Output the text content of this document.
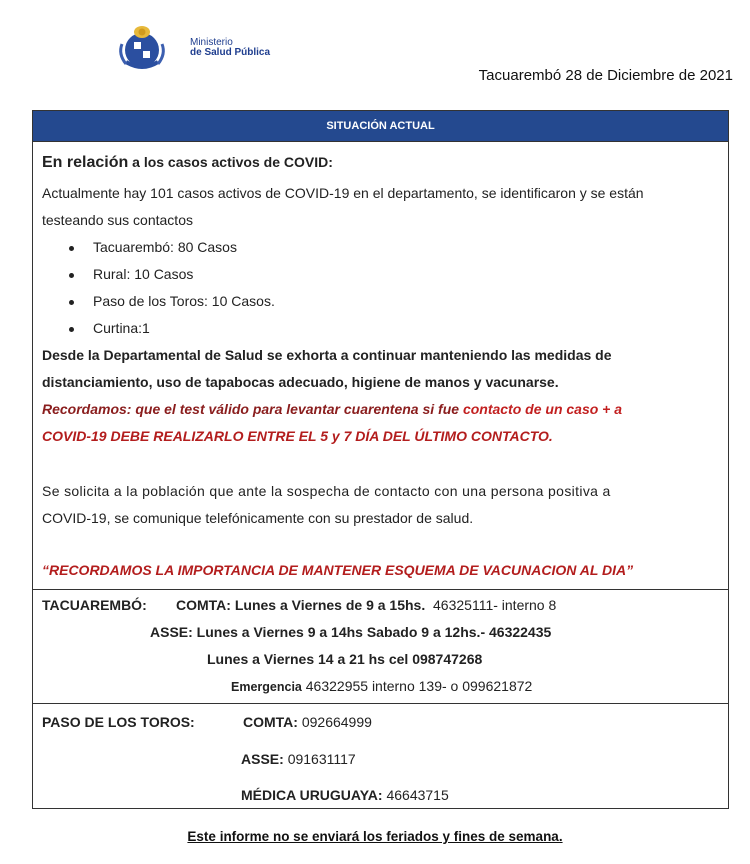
Ministerio
de Salud Pública
Tacuarembó 28 de Diciembre de 2021
SITUACIÓN ACTUAL
En relación a los casos activos de COVID:
Actualmente hay 101 casos activos de COVID-19 en el departamento, se identificaron y se están
testeando sus contactos
Tacuarembó: 80 Casos
Rural: 10 Casos
Paso de los Toros: 10 Casos.
Curtina:1
Desde la Departamental de Salud se exhorta a continuar manteniendo las medidas de
distanciamiento, uso de tapabocas adecuado, higiene de manos y vacunarse.
Recordamos: que el test válido para levantar cuarentena si fue contacto de un caso + a
COVID-19 DEBE REALIZARLO ENTRE EL 5 y 7 DÍA DEL ÚLTIMO CONTACTO.
Se solicita a la población que ante la sospecha de contacto con una persona positiva a
COVID-19, se comunique telefónicamente con su prestador de salud.
“RECORDAMOS LA IMPORTANCIA DE MANTENER ESQUEMA DE VACUNACION AL DIA”
TACUAREMBÓ: COMTA: Lunes a Viernes de 9 a 15hs. 46325111- interno 8
ASSE: Lunes a Viernes 9 a 14hs Sabado 9 a 12hs.- 46322435
Lunes a Viernes 14 a 21 hs cel 098747268
Emergencia 46322955 interno 139- o 099621872
PASO DE LOS TOROS:	COMTA: 092664999
ASSE: 091631117
MÉDICA URUGUAYA: 46643715
Este informe no se enviará los feriados y fines de semana.
